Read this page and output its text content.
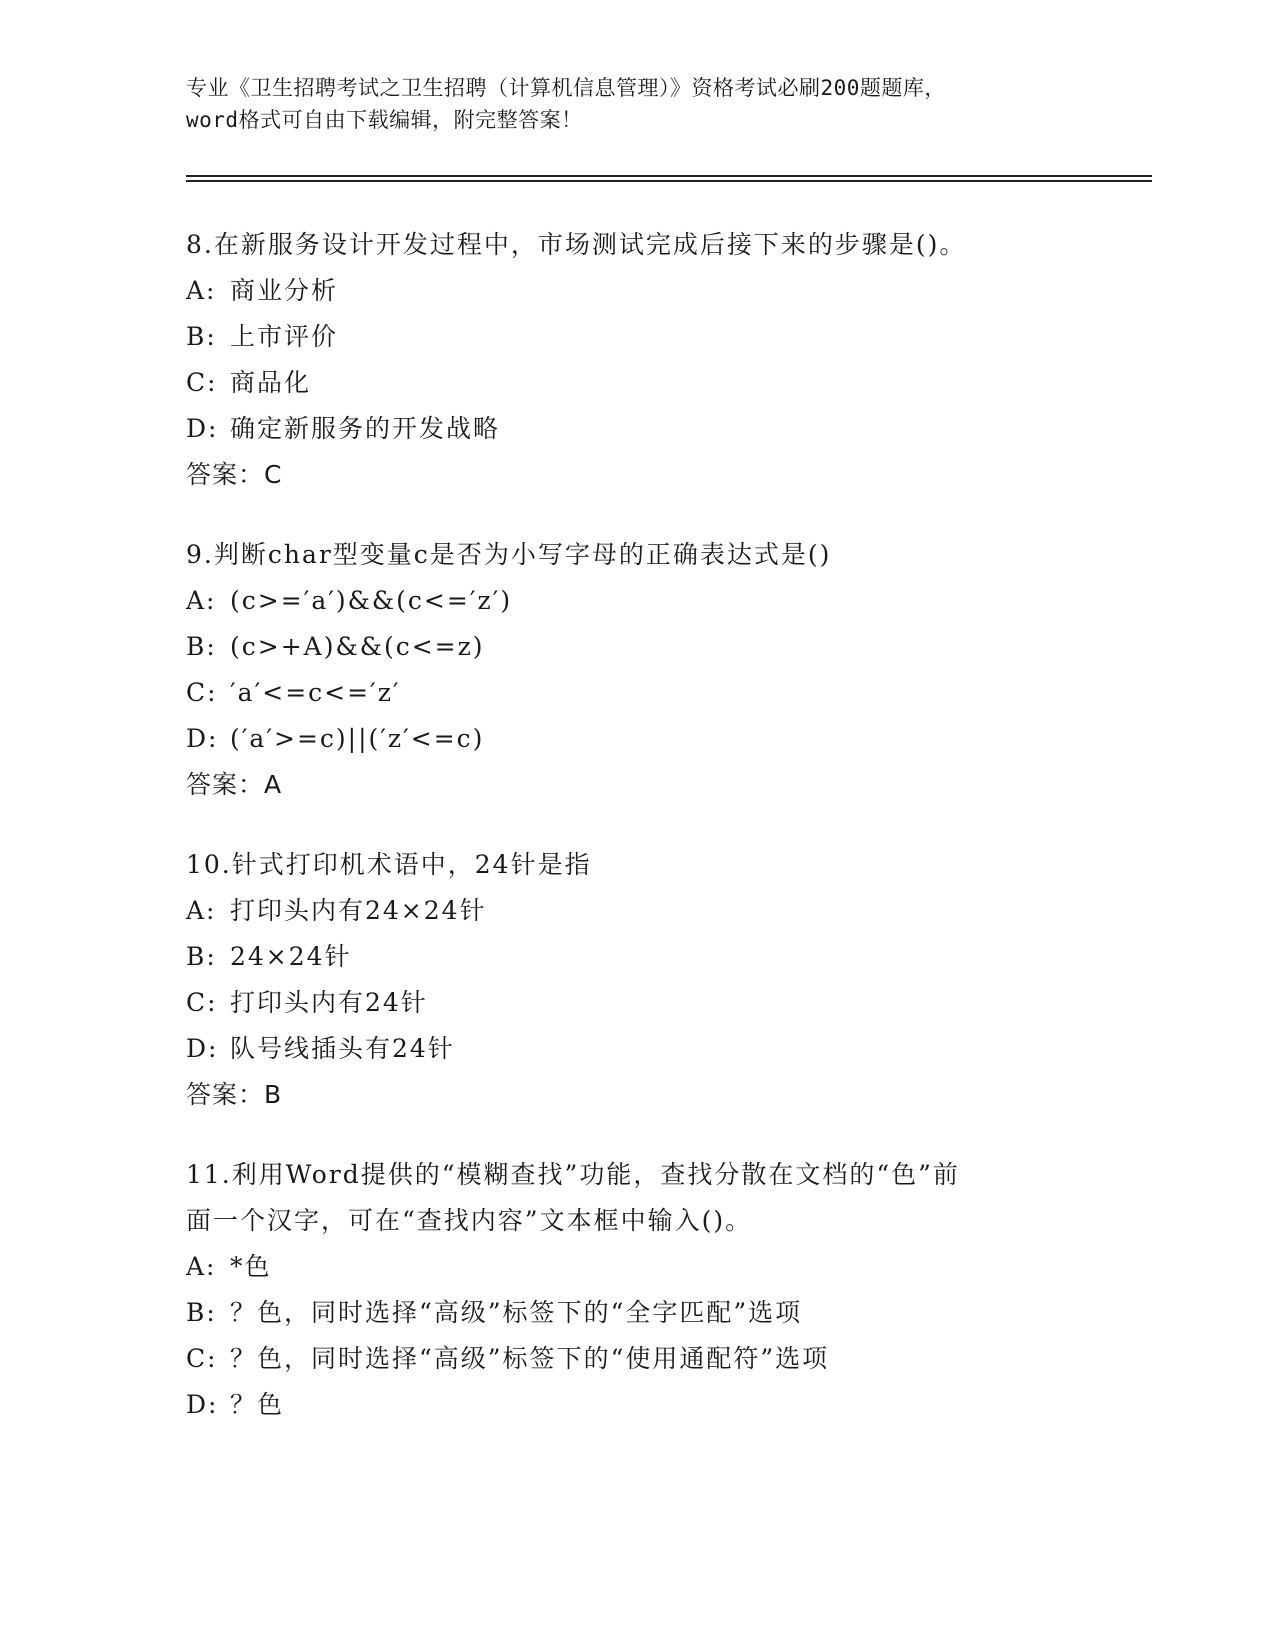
专业《卫生招聘考试之卫生招聘（计算机信息管理）》资格考试必刷200题题库，
word格式可自由下载编辑，附完整答案！
8.在新服务设计开发过程中，市场测试完成后接下来的步骤是()。
A: 商业分析
B: 上市评价
C: 商品化
D: 确定新服务的开发战略
答案：C
9.判断char型变量c是否为小写字母的正确表达式是()
A: (c>=′a′)&&(c<=′z′)
B: (c>+A)&&(c<=z)
C: ′a′<=c<=′z′
D: (′a′>=c)||(′z′<=c)
答案：A
10.针式打印机术语中，24针是指
A: 打印头内有24×24针
B: 24×24针
C: 打印头内有24针
D: 队号线插头有24针
答案：B
11.利用Word提供的“模糊查找”功能，查找分散在文档的“色”前
面一个汉字，可在“查找内容”文本框中输入()。
A: *色
B: ？色，同时选择“高级”标签下的“全字匹配”选项
C: ？色，同时选择“高级”标签下的“使用通配符”选项
D: ？色
